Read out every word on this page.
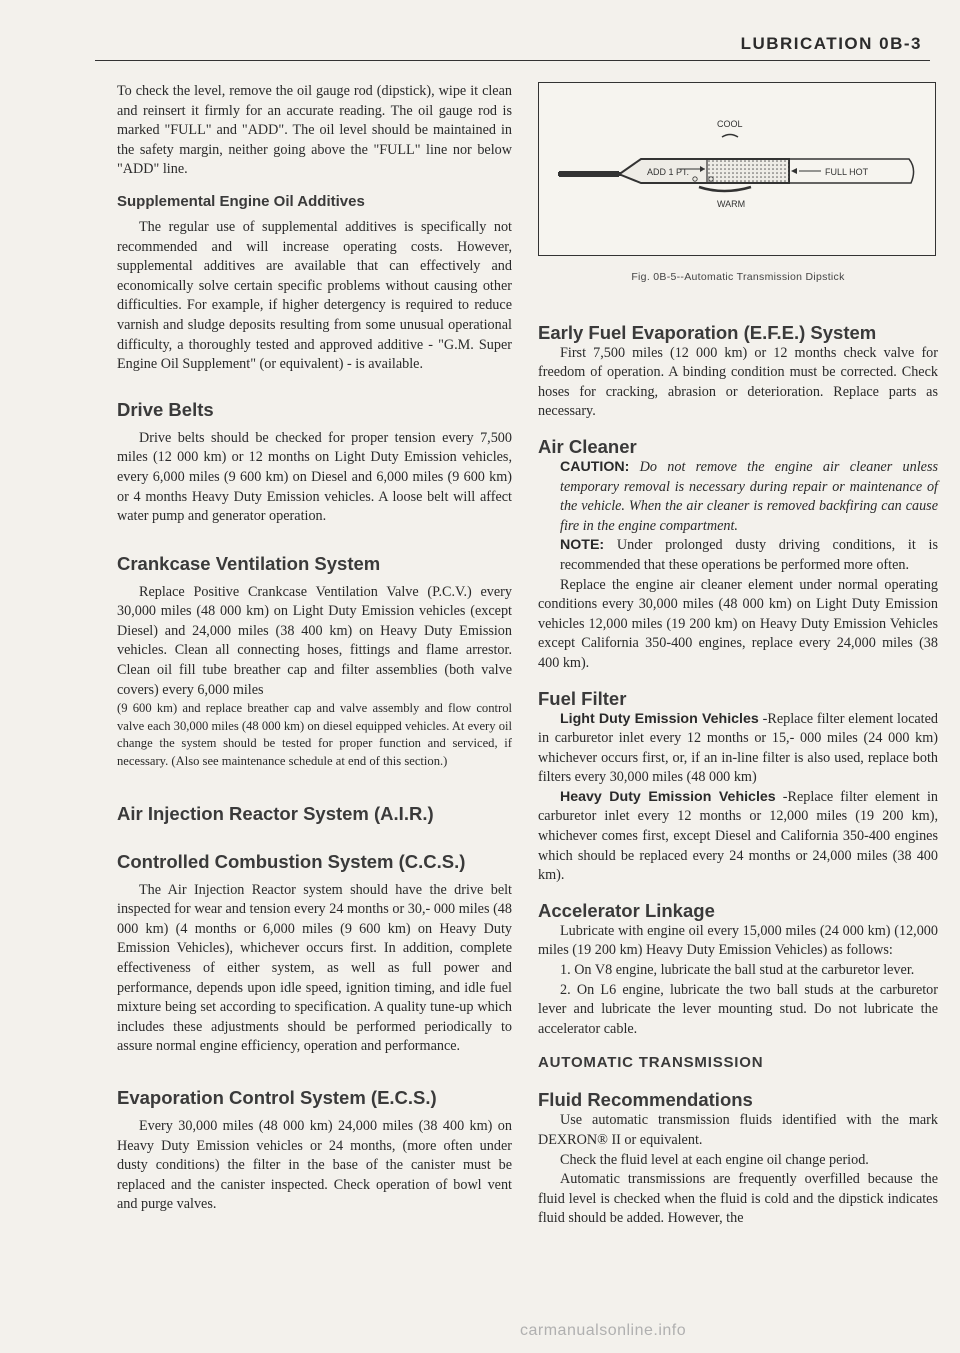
LUBRICATION 0B-3

To check the level, remove the oil gauge rod (dipstick), wipe it clean and reinsert it firmly for an accurate reading. The oil gauge rod is marked "FULL" and "ADD". The oil level should be maintained in the safety margin, neither going above the "FULL" line nor below "ADD" line.

Supplemental Engine Oil Additives

The regular use of supplemental additives is specifically not recommended and will increase operating costs. However, supplemental additives are available that can effectively and economically solve certain specific problems without causing other difficulties. For example, if higher detergency is required to reduce varnish and sludge deposits resulting from some unusual operational difficulty, a thoroughly tested and approved additive - "G.M. Super Engine Oil Supplement" (or equivalent) - is available.

Drive Belts

Drive belts should be checked for proper tension every 7,500 miles (12 000 km) or 12 months on Light Duty Emission vehicles, every 6,000 miles (9 600 km) on Diesel and 6,000 miles (9 600 km) or 4 months Heavy Duty Emission vehicles. A loose belt will affect water pump and generator operation.

Crankcase Ventilation System

Replace Positive Crankcase Ventilation Valve (P.C.V.) every 30,000 miles (48 000 km) on Light Duty Emission vehicles (except Diesel) and 24,000 miles (38 400 km) on Heavy Duty Emission vehicles. Clean all connecting hoses, fittings and flame arrestor. Clean oil fill tube breather cap and filter assemblies (both valve covers) every 6,000 miles

(9 600 km) and replace breather cap and valve assembly and flow control valve each 30,000 miles (48 000 km) on diesel equipped vehicles. At every oil change the system should be tested for proper function and serviced, if necessary. (Also see maintenance schedule at end of this section.)

Air Injection Reactor System (A.I.R.)
Controlled Combustion System (C.C.S.)

The Air Injection Reactor system should have the drive belt inspected for wear and tension every 24 months or 30,- 000 miles (48 000 km) (4 months or 6,000 miles (9 600 km) on Heavy Duty Emission Vehicles), whichever occurs first. In addition, complete effectiveness of either system, as well as full power and performance, depends upon idle speed, ignition timing, and idle fuel mixture being set according to specification. A quality tune-up which includes these adjustments should be performed periodically to assure normal engine efficiency, operation and performance.

Evaporation Control System (E.C.S.)

Every 30,000 miles (48 000 km) 24,000 miles (38 400 km) on Heavy Duty Emission vehicles or 24 months, (more often under dusty conditions) the filter in the base of the canister must be replaced and the canister inspected. Check operation of bowl vent and purge valves.

COOL
ADD 1 PT.	FULL HOT
WARM
Fig. 0B-5--Automatic Transmission Dipstick
Early Fuel Evaporation (E.F.E.) System

First 7,500 miles (12 000 km) or 12 months check valve for freedom of operation. A binding condition must be corrected. Check hoses for cracking, abrasion or deterioration. Replace parts as necessary.

Air Cleaner

CAUTION: Do not remove the engine air cleaner unless temporary removal is necessary during repair or maintenance of the vehicle. When the air cleaner is removed backfiring can cause fire in the engine compartment.

NOTE: Under prolonged dusty driving conditions, it is recommended that these operations be performed more often.

Replace the engine air cleaner element under normal operating conditions every 30,000 miles (48 000 km) on Light Duty Emission vehicles 12,000 miles (19 200 km) on Heavy Duty Emission Vehicles except California 350-400 engines, replace every 24,000 miles (38 400 km).

Fuel Filter

Light Duty Emission Vehicles -Replace filter element located in carburetor inlet every 12 months or 15,- 000 miles (24 000 km) whichever occurs first, or, if an in-line filter is also used, replace both filters every 30,000 miles (48 000 km)

Heavy Duty Emission Vehicles -Replace filter element in carburetor inlet every 12 months or 12,000 miles (19 200 km), whichever comes first, except Diesel and California 350-400 engines which should be replaced every 24 months or 24,000 miles (38 400 km).

Accelerator Linkage

Lubricate with engine oil every 15,000 miles (24 000 km) (12,000 miles (19 200 km) Heavy Duty Emission Vehicles) as follows:

1. On V8 engine, lubricate the ball stud at the carburetor lever.

2. On L6 engine, lubricate the two ball studs at the carburetor lever and lubricate the lever mounting stud. Do not lubricate the accelerator cable.

AUTOMATIC TRANSMISSION
Fluid Recommendations

Use automatic transmission fluids identified with the mark DEXRON® II or equivalent.

Check the fluid level at each engine oil change period.

Automatic transmissions are frequently overfilled because the fluid level is checked when the fluid is cold and the dipstick indicates fluid should be added. However, the

carmanualsonline.info
